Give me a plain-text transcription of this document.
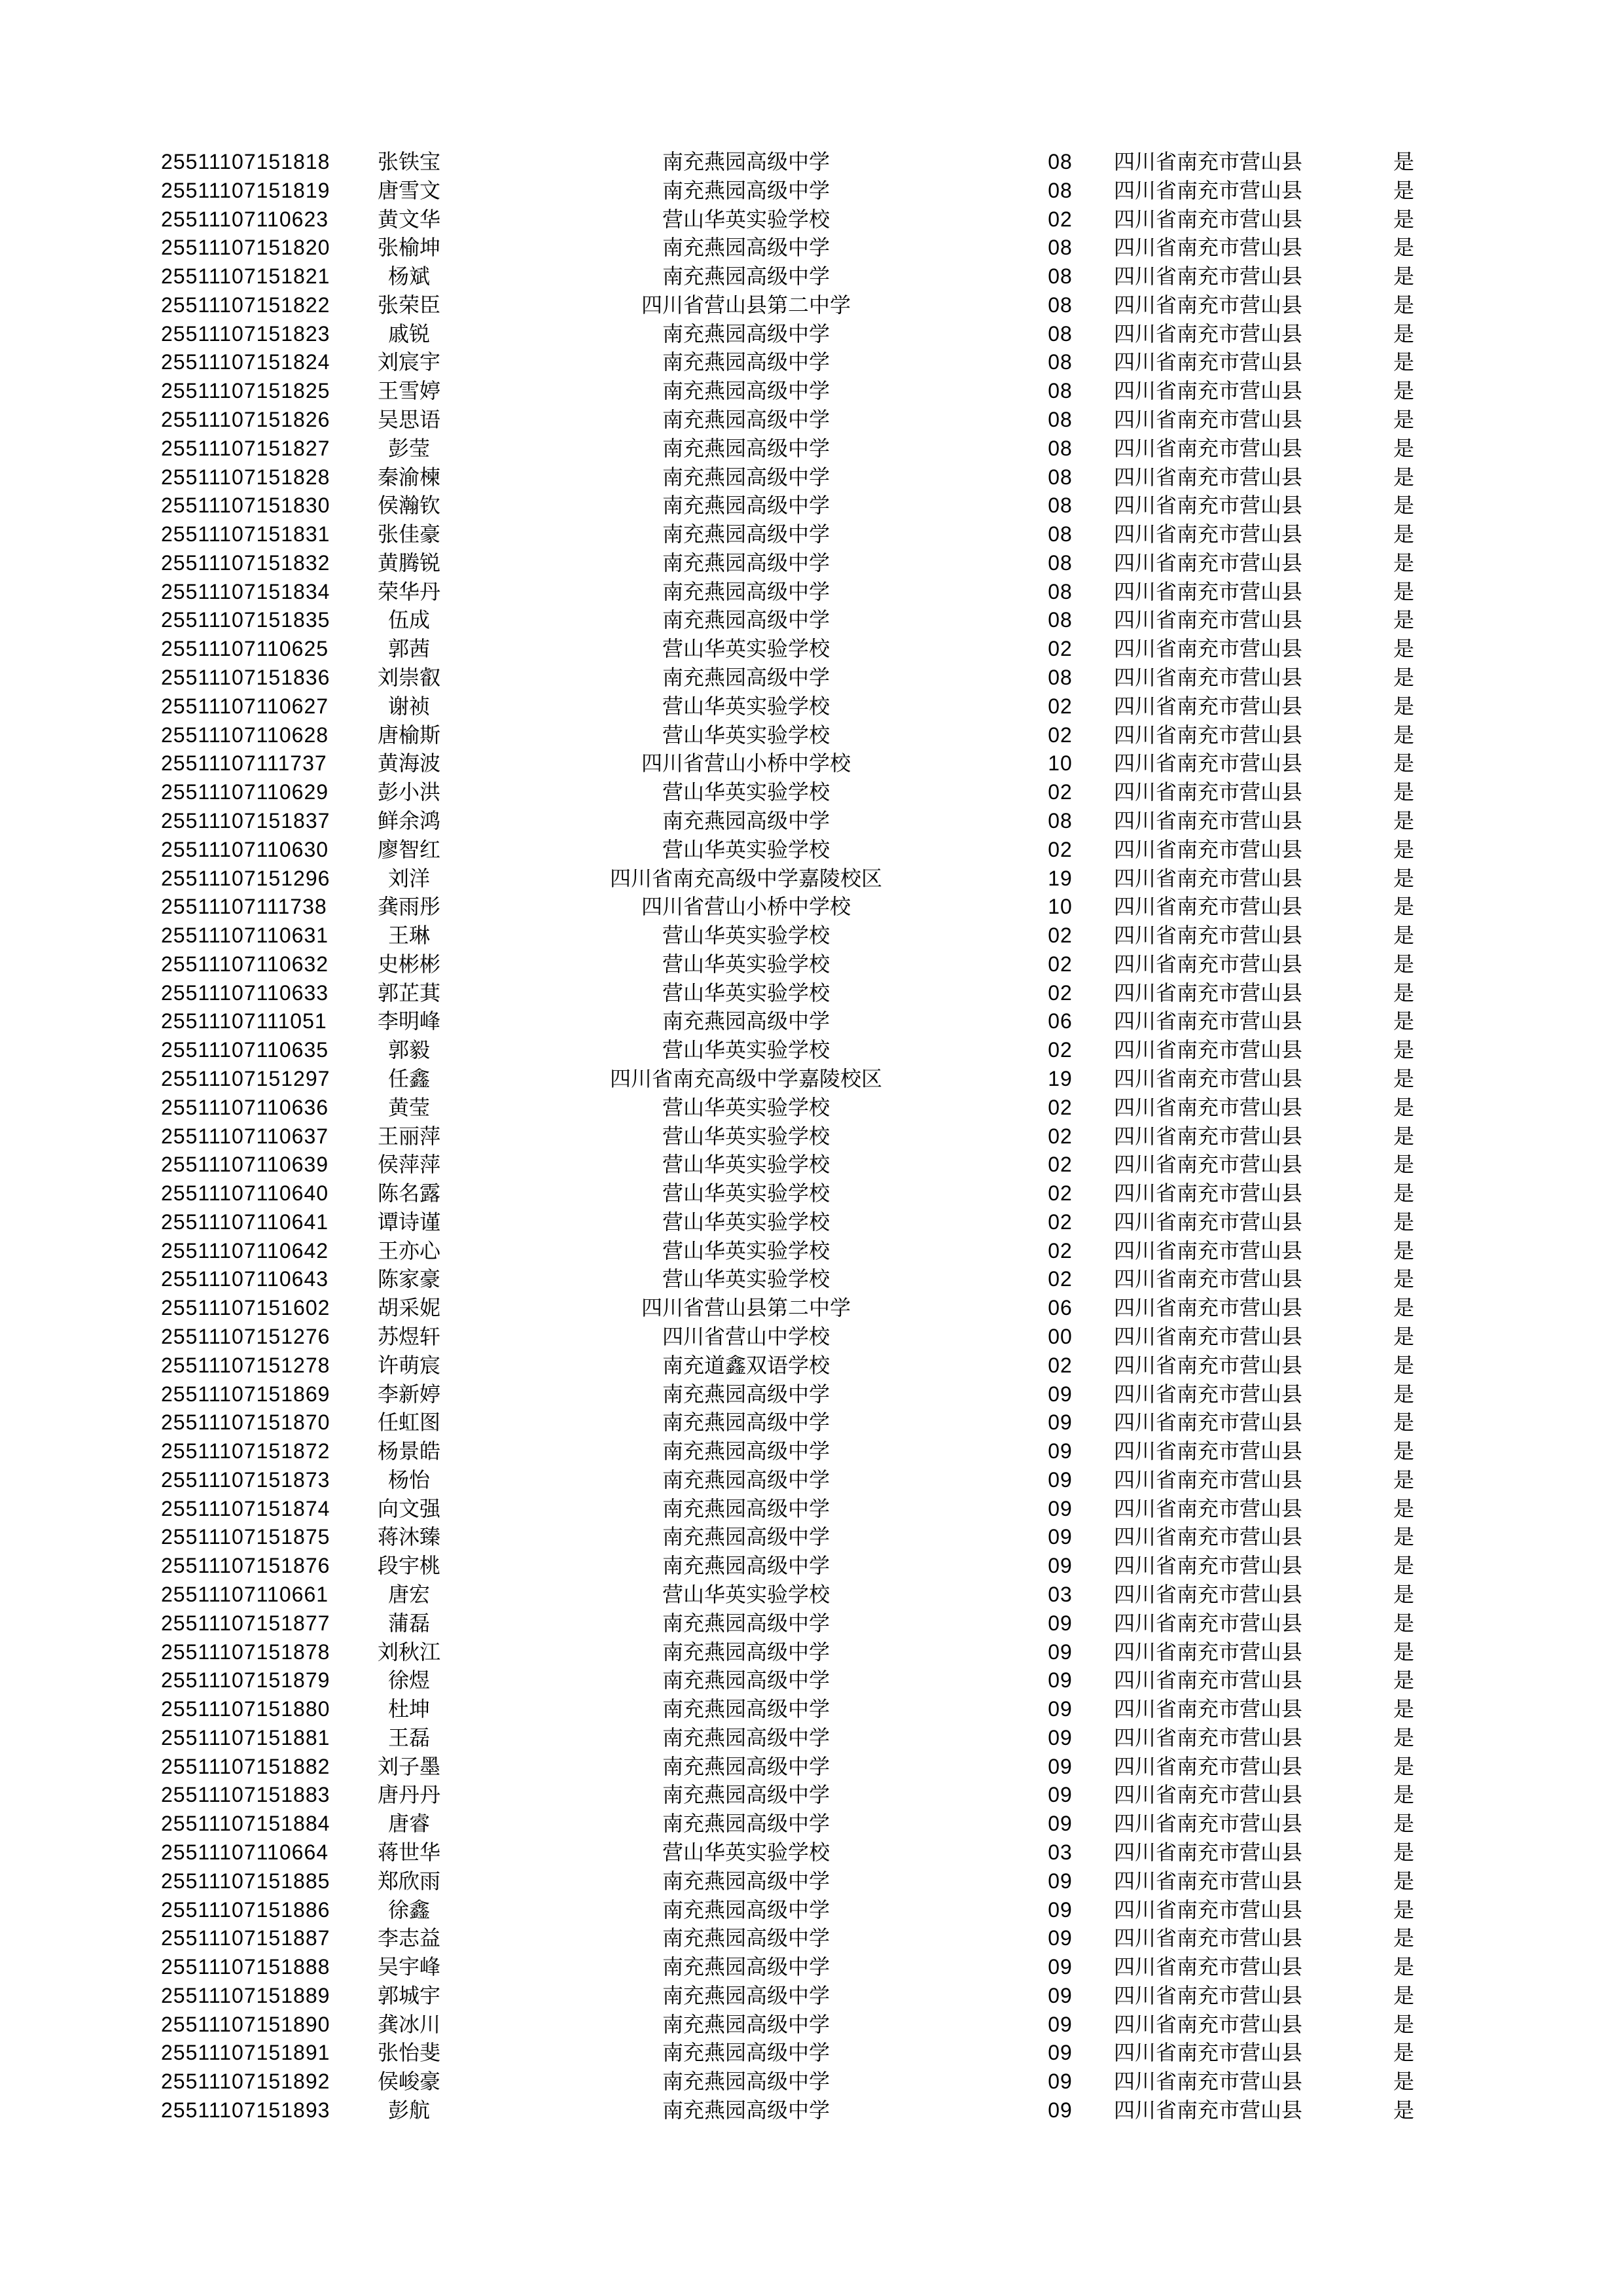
25511107151818	张铁宝	南充燕园高级中学	08	四川省南充市营山县	是
25511107151819	唐雪文	南充燕园高级中学	08	四川省南充市营山县	是
25511107110623	黄文华	营山华英实验学校	02	四川省南充市营山县	是
25511107151820	张榆坤	南充燕园高级中学	08	四川省南充市营山县	是
25511107151821	杨斌	南充燕园高级中学	08	四川省南充市营山县	是
25511107151822	张荣臣	四川省营山县第二中学	08	四川省南充市营山县	是
25511107151823	戚锐	南充燕园高级中学	08	四川省南充市营山县	是
25511107151824	刘宸宇	南充燕园高级中学	08	四川省南充市营山县	是
25511107151825	王雪婷	南充燕园高级中学	08	四川省南充市营山县	是
25511107151826	吴思语	南充燕园高级中学	08	四川省南充市营山县	是
25511107151827	彭莹	南充燕园高级中学	08	四川省南充市营山县	是
25511107151828	秦渝楝	南充燕园高级中学	08	四川省南充市营山县	是
25511107151830	侯瀚钦	南充燕园高级中学	08	四川省南充市营山县	是
25511107151831	张佳豪	南充燕园高级中学	08	四川省南充市营山县	是
25511107151832	黄腾锐	南充燕园高级中学	08	四川省南充市营山县	是
25511107151834	荣华丹	南充燕园高级中学	08	四川省南充市营山县	是
25511107151835	伍成	南充燕园高级中学	08	四川省南充市营山县	是
25511107110625	郭茜	营山华英实验学校	02	四川省南充市营山县	是
25511107151836	刘崇叡	南充燕园高级中学	08	四川省南充市营山县	是
25511107110627	谢祯	营山华英实验学校	02	四川省南充市营山县	是
25511107110628	唐榆斯	营山华英实验学校	02	四川省南充市营山县	是
25511107111737	黄海波	四川省营山小桥中学校	10	四川省南充市营山县	是
25511107110629	彭小洪	营山华英实验学校	02	四川省南充市营山县	是
25511107151837	鲜余鸿	南充燕园高级中学	08	四川省南充市营山县	是
25511107110630	廖智红	营山华英实验学校	02	四川省南充市营山县	是
25511107151296	刘洋	四川省南充高级中学嘉陵校区	19	四川省南充市营山县	是
25511107111738	龚雨彤	四川省营山小桥中学校	10	四川省南充市营山县	是
25511107110631	王琳	营山华英实验学校	02	四川省南充市营山县	是
25511107110632	史彬彬	营山华英实验学校	02	四川省南充市营山县	是
25511107110633	郭芷萁	营山华英实验学校	02	四川省南充市营山县	是
25511107111051	李明峰	南充燕园高级中学	06	四川省南充市营山县	是
25511107110635	郭毅	营山华英实验学校	02	四川省南充市营山县	是
25511107151297	任鑫	四川省南充高级中学嘉陵校区	19	四川省南充市营山县	是
25511107110636	黄莹	营山华英实验学校	02	四川省南充市营山县	是
25511107110637	王丽萍	营山华英实验学校	02	四川省南充市营山县	是
25511107110639	侯萍萍	营山华英实验学校	02	四川省南充市营山县	是
25511107110640	陈名露	营山华英实验学校	02	四川省南充市营山县	是
25511107110641	谭诗谨	营山华英实验学校	02	四川省南充市营山县	是
25511107110642	王亦心	营山华英实验学校	02	四川省南充市营山县	是
25511107110643	陈家豪	营山华英实验学校	02	四川省南充市营山县	是
25511107151602	胡采妮	四川省营山县第二中学	06	四川省南充市营山县	是
25511107151276	苏煜轩	四川省营山中学校	00	四川省南充市营山县	是
25511107151278	许萌宸	南充道鑫双语学校	02	四川省南充市营山县	是
25511107151869	李新婷	南充燕园高级中学	09	四川省南充市营山县	是
25511107151870	任虹图	南充燕园高级中学	09	四川省南充市营山县	是
25511107151872	杨景皓	南充燕园高级中学	09	四川省南充市营山县	是
25511107151873	杨怡	南充燕园高级中学	09	四川省南充市营山县	是
25511107151874	向文强	南充燕园高级中学	09	四川省南充市营山县	是
25511107151875	蒋沐臻	南充燕园高级中学	09	四川省南充市营山县	是
25511107151876	段宇桃	南充燕园高级中学	09	四川省南充市营山县	是
25511107110661	唐宏	营山华英实验学校	03	四川省南充市营山县	是
25511107151877	蒲磊	南充燕园高级中学	09	四川省南充市营山县	是
25511107151878	刘秋江	南充燕园高级中学	09	四川省南充市营山县	是
25511107151879	徐煜	南充燕园高级中学	09	四川省南充市营山县	是
25511107151880	杜坤	南充燕园高级中学	09	四川省南充市营山县	是
25511107151881	王磊	南充燕园高级中学	09	四川省南充市营山县	是
25511107151882	刘子墨	南充燕园高级中学	09	四川省南充市营山县	是
25511107151883	唐丹丹	南充燕园高级中学	09	四川省南充市营山县	是
25511107151884	唐睿	南充燕园高级中学	09	四川省南充市营山县	是
25511107110664	蒋世华	营山华英实验学校	03	四川省南充市营山县	是
25511107151885	郑欣雨	南充燕园高级中学	09	四川省南充市营山县	是
25511107151886	徐鑫	南充燕园高级中学	09	四川省南充市营山县	是
25511107151887	李志益	南充燕园高级中学	09	四川省南充市营山县	是
25511107151888	吴宇峰	南充燕园高级中学	09	四川省南充市营山县	是
25511107151889	郭城宇	南充燕园高级中学	09	四川省南充市营山县	是
25511107151890	龚冰川	南充燕园高级中学	09	四川省南充市营山县	是
25511107151891	张怡斐	南充燕园高级中学	09	四川省南充市营山县	是
25511107151892	侯峻豪	南充燕园高级中学	09	四川省南充市营山县	是
25511107151893	彭航	南充燕园高级中学	09	四川省南充市营山县	是
